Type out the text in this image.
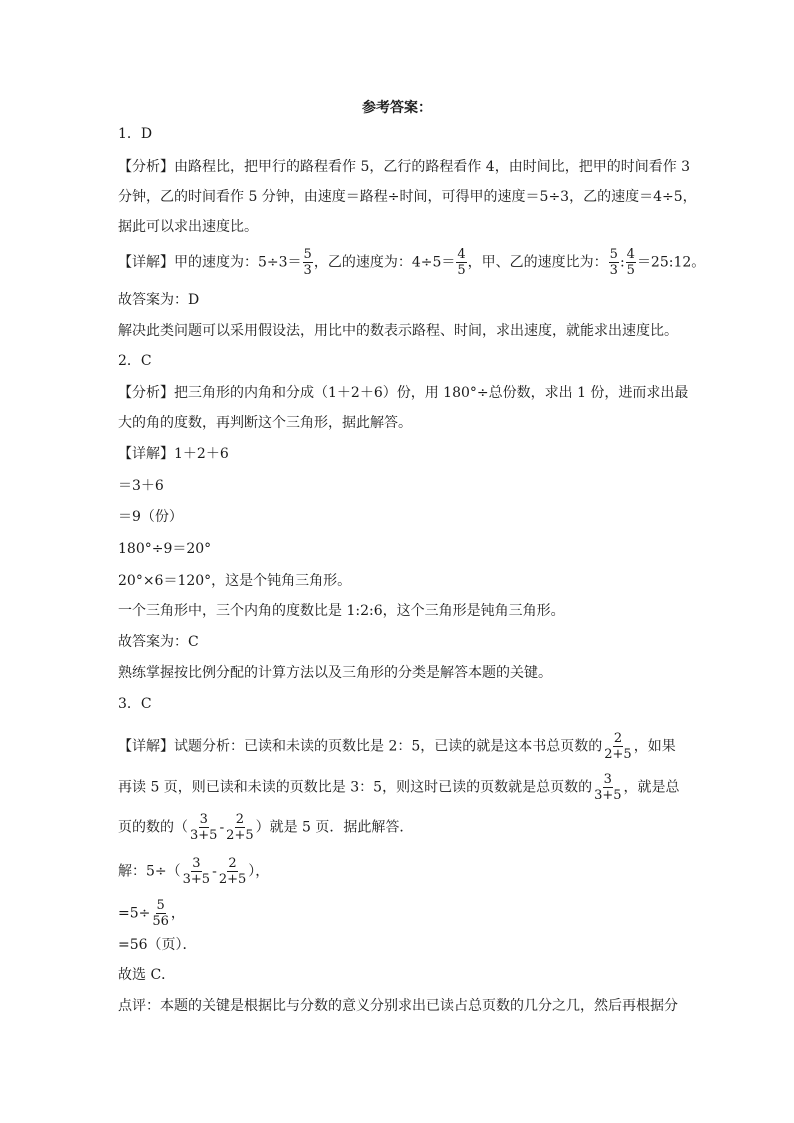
参考答案：
1．D
【分析】由路程比，把甲行的路程看作 5，乙行的路程看作 4，由时间比，把甲的时间看作 3
分钟，乙的时间看作 5 分钟，由速度＝路程÷时间，可得甲的速度＝5÷3，乙的速度＝4÷5，
据此可以求出速度比。
【详解】甲的速度为：$5\div 3= \frac{5}{3}$ ，乙的速度为：$4\div 5= \frac{4}{5}$ ，甲、乙的速度比为： $\frac{5}{3}$ : $\frac{4}{5}$ ＝25:12。
故答案为：D
解决此类问题可以采用假设法，用比中的数表示路程、时间，求出速度，就能求出速度比。
2．C
【分析】把三角形的内角和分成（1＋2＋6）份，用 180°÷总份数，求出 1 份，进而求出最
大的角的度数，再判断这个三角形，据此解答。
【详解】1＋2＋6
＝3＋6
＝9（份）
180°÷9＝20°
20°×6＝120°，这是个钝角三角形。
一个三角形中，三个内角的度数比是 1:2:6，这个三角形是钝角三角形。
故答案为：C
熟练掌握按比例分配的计算方法以及三角形的分类是解答本题的关键。
3．C
【详解】试题分析：已读和未读的页数比是 2：5，已读的就是这本书总页数的 $\frac{2}{2+5}$ ，如果
再读 5 页，则已读和未读的页数比是 3：5，则这时已读的页数就是总页数的 $\frac{3}{3+5}$ ，就是总
页的数的（ $\frac{3}{3+5} - \frac{2}{2+5}$ ）就是 5 页．据此解答．
解：$5\div( \frac{3}{3+5} - \frac{2}{2+5}$ ），
$=5\div \frac{5}{56}$ ，
=56（页）．
故选 C．
点评：本题的关键是根据比与分数的意义分别求出已读占总页数的几分之几，然后再根据分
